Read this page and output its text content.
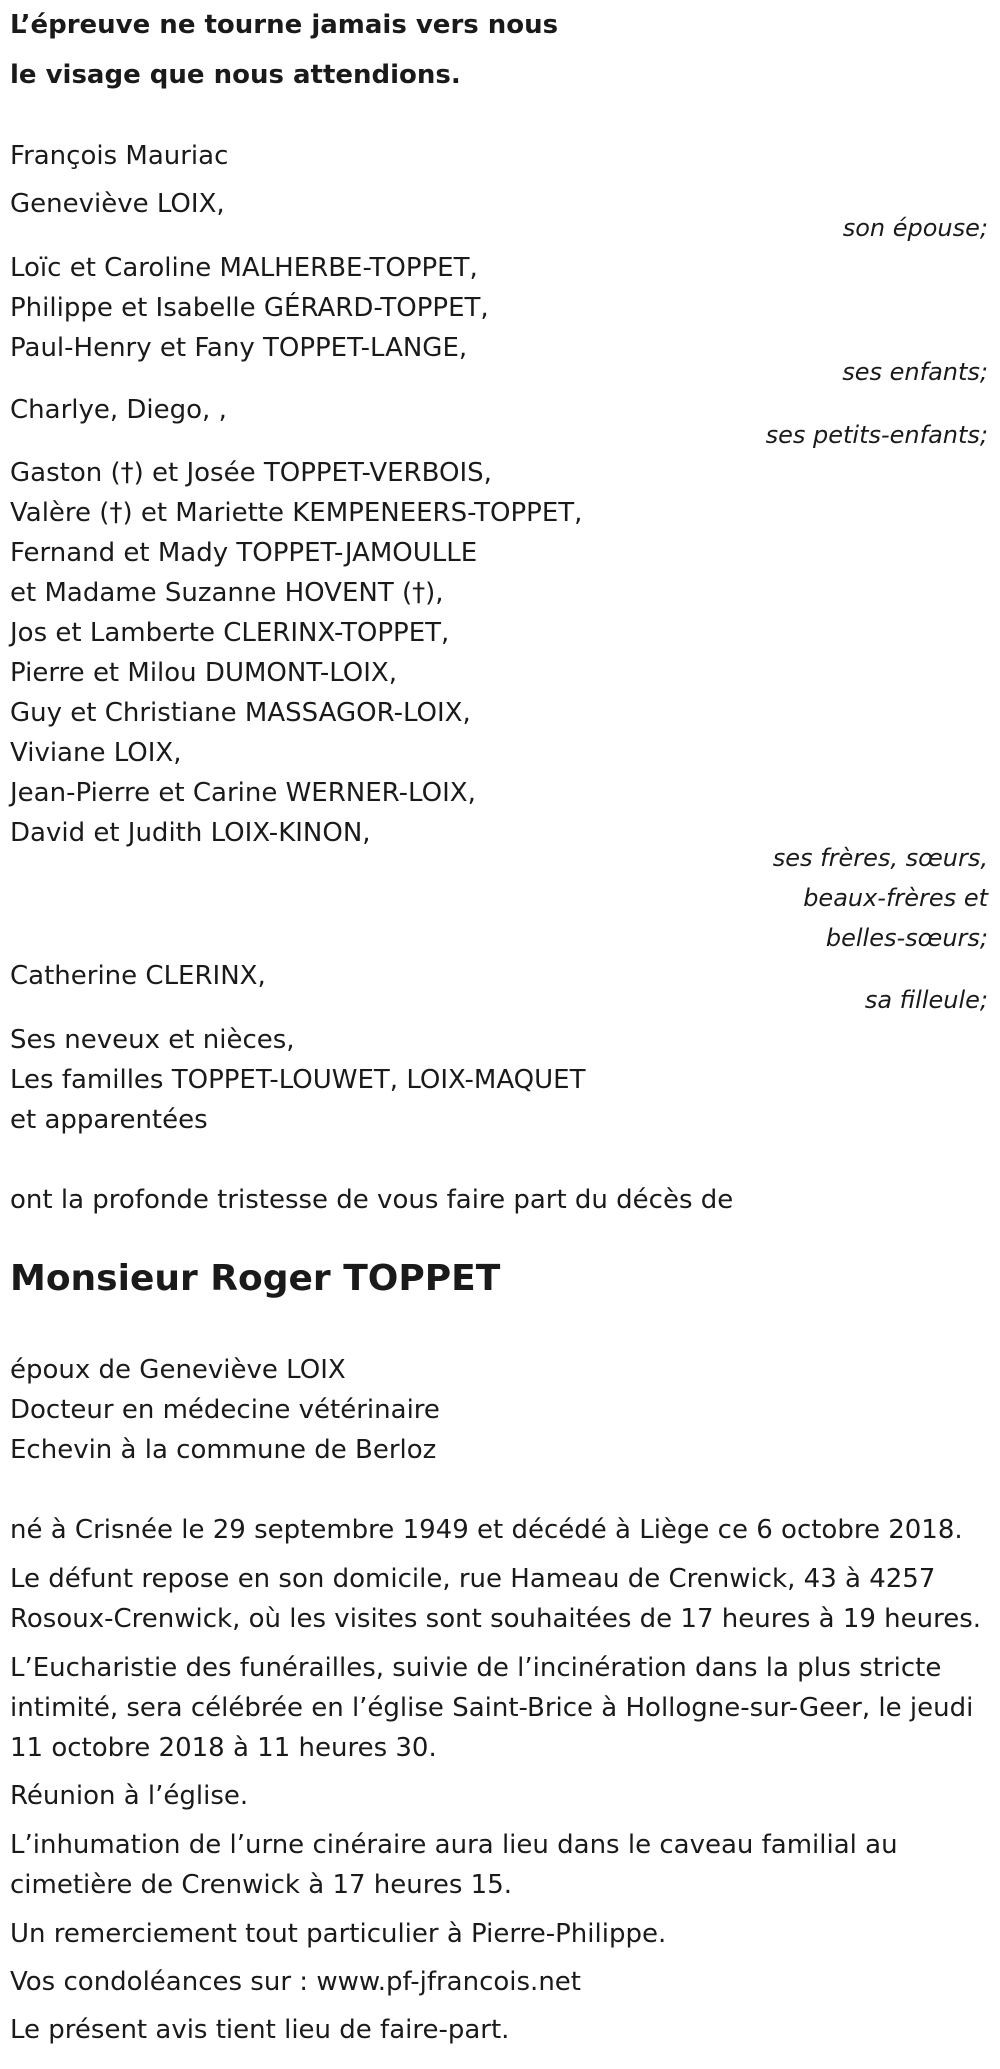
L’épreuve ne tourne jamais vers nous

le visage que nous attendions.

François Mauriac

Geneviève LOIX,

son épouse;

Loïc et Caroline MALHERBE-TOPPET,

Philippe et Isabelle GÉRARD-TOPPET,

Paul-Henry et Fany TOPPET-LANGE,

ses enfants;

Charlye, Diego, ,

ses petits-enfants;

Gaston (†) et Josée TOPPET-VERBOIS,

Valère (†) et Mariette KEMPENEERS-TOPPET,

Fernand et Mady TOPPET-JAMOULLE

et Madame Suzanne HOVENT (†),

Jos et Lamberte CLERINX-TOPPET,

Pierre et Milou DUMONT-LOIX,

Guy et Christiane MASSAGOR-LOIX,

Viviane LOIX,

Jean-Pierre et Carine WERNER-LOIX,

David et Judith LOIX-KINON,

ses frères, sœurs,

beaux-frères et

belles-sœurs;

Catherine CLERINX,

sa filleule;

Ses neveux et nièces,

Les familles TOPPET-LOUWET, LOIX-MAQUET

et apparentées

ont la profonde tristesse de vous faire part du décès de

Monsieur Roger TOPPET

époux de Geneviève LOIX

Docteur en médecine vétérinaire

Echevin à la commune de Berloz

né à Crisnée le 29 septembre 1949 et décédé à Liège ce 6 octobre 2018.

Le défunt repose en son domicile, rue Hameau de Crenwick, 43 à 4257

Rosoux-Crenwick, où les visites sont souhaitées de 17 heures à 19 heures.

L’Eucharistie des funérailles, suivie de l’incinération dans la plus stricte

intimité, sera célébrée en l’église Saint-Brice à Hollogne-sur-Geer, le jeudi

11 octobre 2018 à 11 heures 30.

Réunion à l’église.

L’inhumation de l’urne cinéraire aura lieu dans le caveau familial au

cimetière de Crenwick à 17 heures 15.

Un remerciement tout particulier à Pierre-Philippe.

Vos condoléances sur : www.pf-jfrancois.net

Le présent avis tient lieu de faire-part.
